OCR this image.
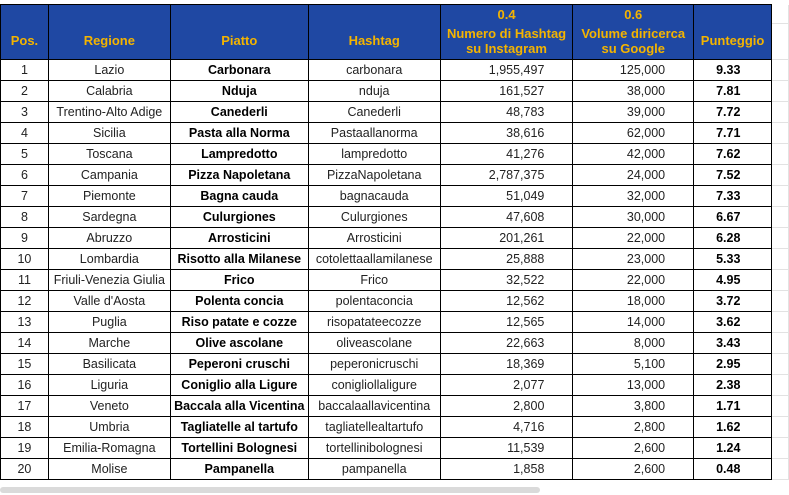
				0.4	0.6		
Pos.	Regione	Piatto	Hashtag	Numero di Hashtag su Instagram	Volume diricerca su Google	Punteggio	
1	Lazio	Carbonara	carbonara	1,955,497	125,000	9.33	
2	Calabria	Nduja	nduja	161,527	38,000	7.81	
3	Trentino-Alto Adige	Canederli	Canederli	48,783	39,000	7.72	
4	Sicilia	Pasta alla Norma	Pastaallanorma	38,616	62,000	7.71	
5	Toscana	Lampredotto	lampredotto	41,276	42,000	7.62	
6	Campania	Pizza Napoletana	PizzaNapoletana	2,787,375	24,000	7.52	
7	Piemonte	Bagna cauda	bagnacauda	51,049	32,000	7.33	
8	Sardegna	Culurgiones	Culurgiones	47,608	30,000	6.67	
9	Abruzzo	Arrosticini	Arrosticini	201,261	22,000	6.28	
10	Lombardia	Risotto alla Milanese	cotolettaallamilanese	25,888	23,000	5.33	
11	Friuli-Venezia Giulia	Frico	Frico	32,522	22,000	4.95	
12	Valle d'Aosta	Polenta concia	polentaconcia	12,562	18,000	3.72	
13	Puglia	Riso patate e cozze	risopatateecozze	12,565	14,000	3.62	
14	Marche	Olive ascolane	oliveascolane	22,663	8,000	3.43	
15	Basilicata	Peperoni cruschi	peperonicruschi	18,369	5,100	2.95	
16	Liguria	Coniglio alla Ligure	conigliollaligure	2,077	13,000	2.38	
17	Veneto	Baccala alla Vicentina	baccalaallavicentina	2,800	3,800	1.71	
18	Umbria	Tagliatelle al tartufo	tagliatellealtartufo	4,716	2,800	1.62	
19	Emilia-Romagna	Tortellini Bolognesi	tortellinibolognesi	11,539	2,600	1.24	
20	Molise	Pampanella	pampanella	1,858	2,600	0.48	
